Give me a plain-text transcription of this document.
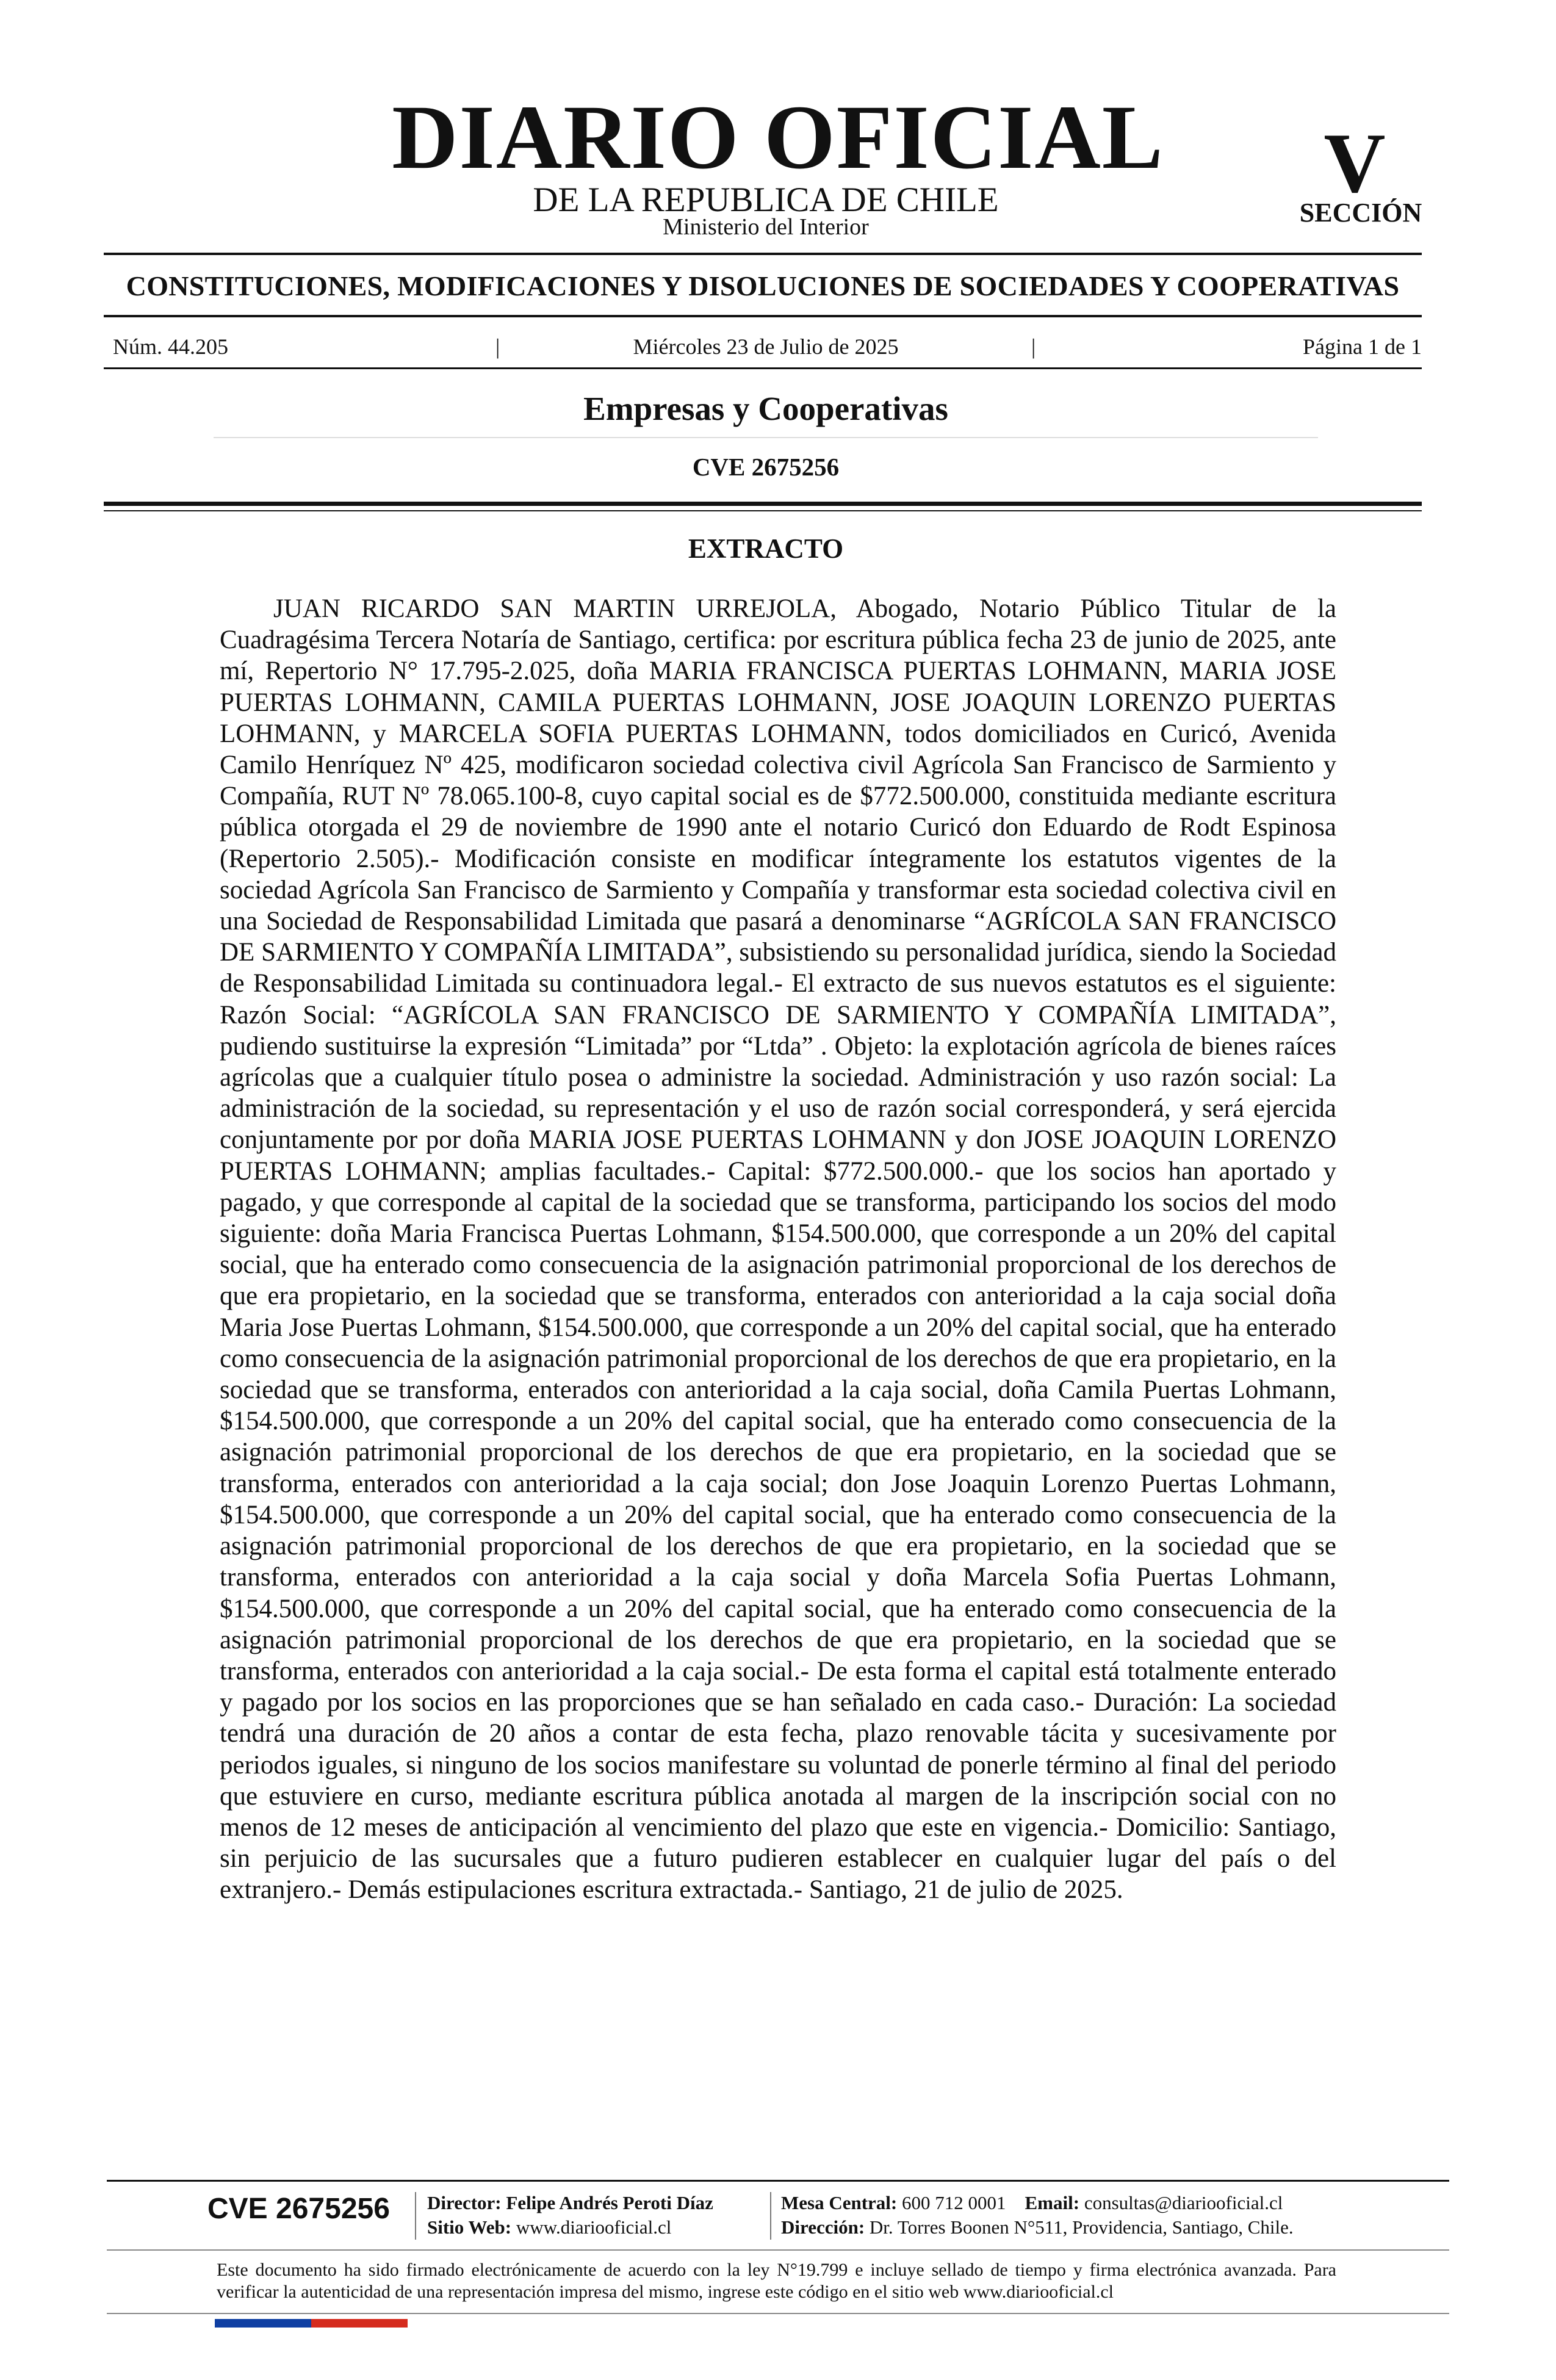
DIARIO OFICIAL
DE LA REPUBLICA DE CHILE
Ministerio del Interior
V
SECCIÓN
CONSTITUCIONES, MODIFICACIONES Y DISOLUCIONES DE SOCIEDADES Y COOPERATIVAS
Núm. 44.205	|	Miércoles 23 de Julio de 2025	|	Página 1 de 1
Empresas y Cooperativas
CVE 2675256
EXTRACTO

JUAN RICARDO SAN MARTIN URREJOLA, Abogado, Notario Público Titular de la Cuadragésima Tercera Notaría de Santiago, certifica: por escritura pública fecha 23 de junio de 2025, ante mí, Repertorio N° 17.795-2.025, doña MARIA FRANCISCA PUERTAS LOHMANN, MARIA JOSE PUERTAS LOHMANN, CAMILA PUERTAS LOHMANN, JOSE JOAQUIN LORENZO PUERTAS LOHMANN, y MARCELA SOFIA PUERTAS LOHMANN, todos domiciliados en Curicó, Avenida Camilo Henríquez Nº 425, modificaron sociedad colectiva civil Agrícola San Francisco de Sarmiento y Compañía, RUT Nº 78.065.100-8, cuyo capital social es de $772.500.000, constituida mediante escritura pública otorgada el 29 de noviembre de 1990 ante el notario Curicó don Eduardo de Rodt Espinosa (Repertorio 2.505).- Modificación consiste en modificar íntegramente los estatutos vigentes de la sociedad Agrícola San Francisco de Sarmiento y Compañía y transformar esta sociedad colectiva civil en una Sociedad de Responsabilidad Limitada que pasará a denominarse “AGRÍCOLA SAN FRANCISCO DE SARMIENTO Y COMPAÑÍA LIMITADA”, subsistiendo su personalidad jurídica, siendo la Sociedad de Responsabilidad Limitada su continuadora legal.- El extracto de sus nuevos estatutos es el siguiente: Razón Social: “AGRÍCOLA SAN FRANCISCO DE SARMIENTO Y COMPAÑÍA LIMITADA”, pudiendo sustituirse la expresión “Limitada” por “Ltda” . Objeto: la explotación agrícola de bienes raíces agrícolas que a cualquier título posea o administre la sociedad. Administración y uso razón social: La administración de la sociedad, su representación y el uso de razón social corresponderá, y será ejercida conjuntamente por por doña MARIA JOSE PUERTAS LOHMANN y don JOSE JOAQUIN LORENZO PUERTAS LOHMANN; amplias facultades.- Capital: $772.500.000.- que los socios han aportado y pagado, y que corresponde al capital de la sociedad que se transforma, participando los socios del modo siguiente: doña Maria Francisca Puertas Lohmann, $154.500.000, que corresponde a un 20% del capital social, que ha enterado como consecuencia de la asignación patrimonial proporcional de los derechos de que era propietario, en la sociedad que se transforma, enterados con anterioridad a la caja social doña Maria Jose Puertas Lohmann, $154.500.000, que corresponde a un 20% del capital social, que ha enterado como consecuencia de la asignación patrimonial proporcional de los derechos de que era propietario, en la sociedad que se transforma, enterados con anterioridad a la caja social, doña Camila Puertas Lohmann, $154.500.000, que corresponde a un 20% del capital social, que ha enterado como consecuencia de la asignación patrimonial proporcional de los derechos de que era propietario, en la sociedad que se transforma, enterados con anterioridad a la caja social; don Jose Joaquin Lorenzo Puertas Lohmann, $154.500.000, que corresponde a un 20% del capital social, que ha enterado como consecuencia de la asignación patrimonial proporcional de los derechos de que era propietario, en la sociedad que se transforma, enterados con anterioridad a la caja social y doña Marcela Sofia Puertas Lohmann, $154.500.000, que corresponde a un 20% del capital social, que ha enterado como consecuencia de la asignación patrimonial proporcional de los derechos de que era propietario, en la sociedad que se transforma, enterados con anterioridad a la caja social.- De esta forma el capital está totalmente enterado y pagado por los socios en las proporciones que se han señalado en cada caso.- Duración: La sociedad tendrá una duración de 20 años a contar de esta fecha, plazo renovable tácita y sucesivamente por periodos iguales, si ninguno de los socios manifestare su voluntad de ponerle término al final del periodo que estuviere en curso, mediante escritura pública anotada al margen de la inscripción social con no menos de 12 meses de anticipación al vencimiento del plazo que este en vigencia.- Domicilio: Santiago, sin perjuicio de las sucursales que a futuro pudieren establecer en cualquier lugar del país o del extranjero.- Demás estipulaciones escritura extractada.- Santiago, 21 de julio de 2025.

CVE 2675256 Director: Felipe Andrés Peroti Díaz
Sitio Web: www.diariooficial.cl
Mesa Central: 600 712 0001 Email: consultas@diariooficial.cl
Dirección: Dr. Torres Boonen N°511, Providencia, Santiago, Chile.

Este documento ha sido firmado electrónicamente de acuerdo con la ley N°19.799 e incluye sellado de tiempo y firma electrónica avanzada. Para verificar la autenticidad de una representación impresa del mismo, ingrese este código en el sitio web www.diariooficial.cl
